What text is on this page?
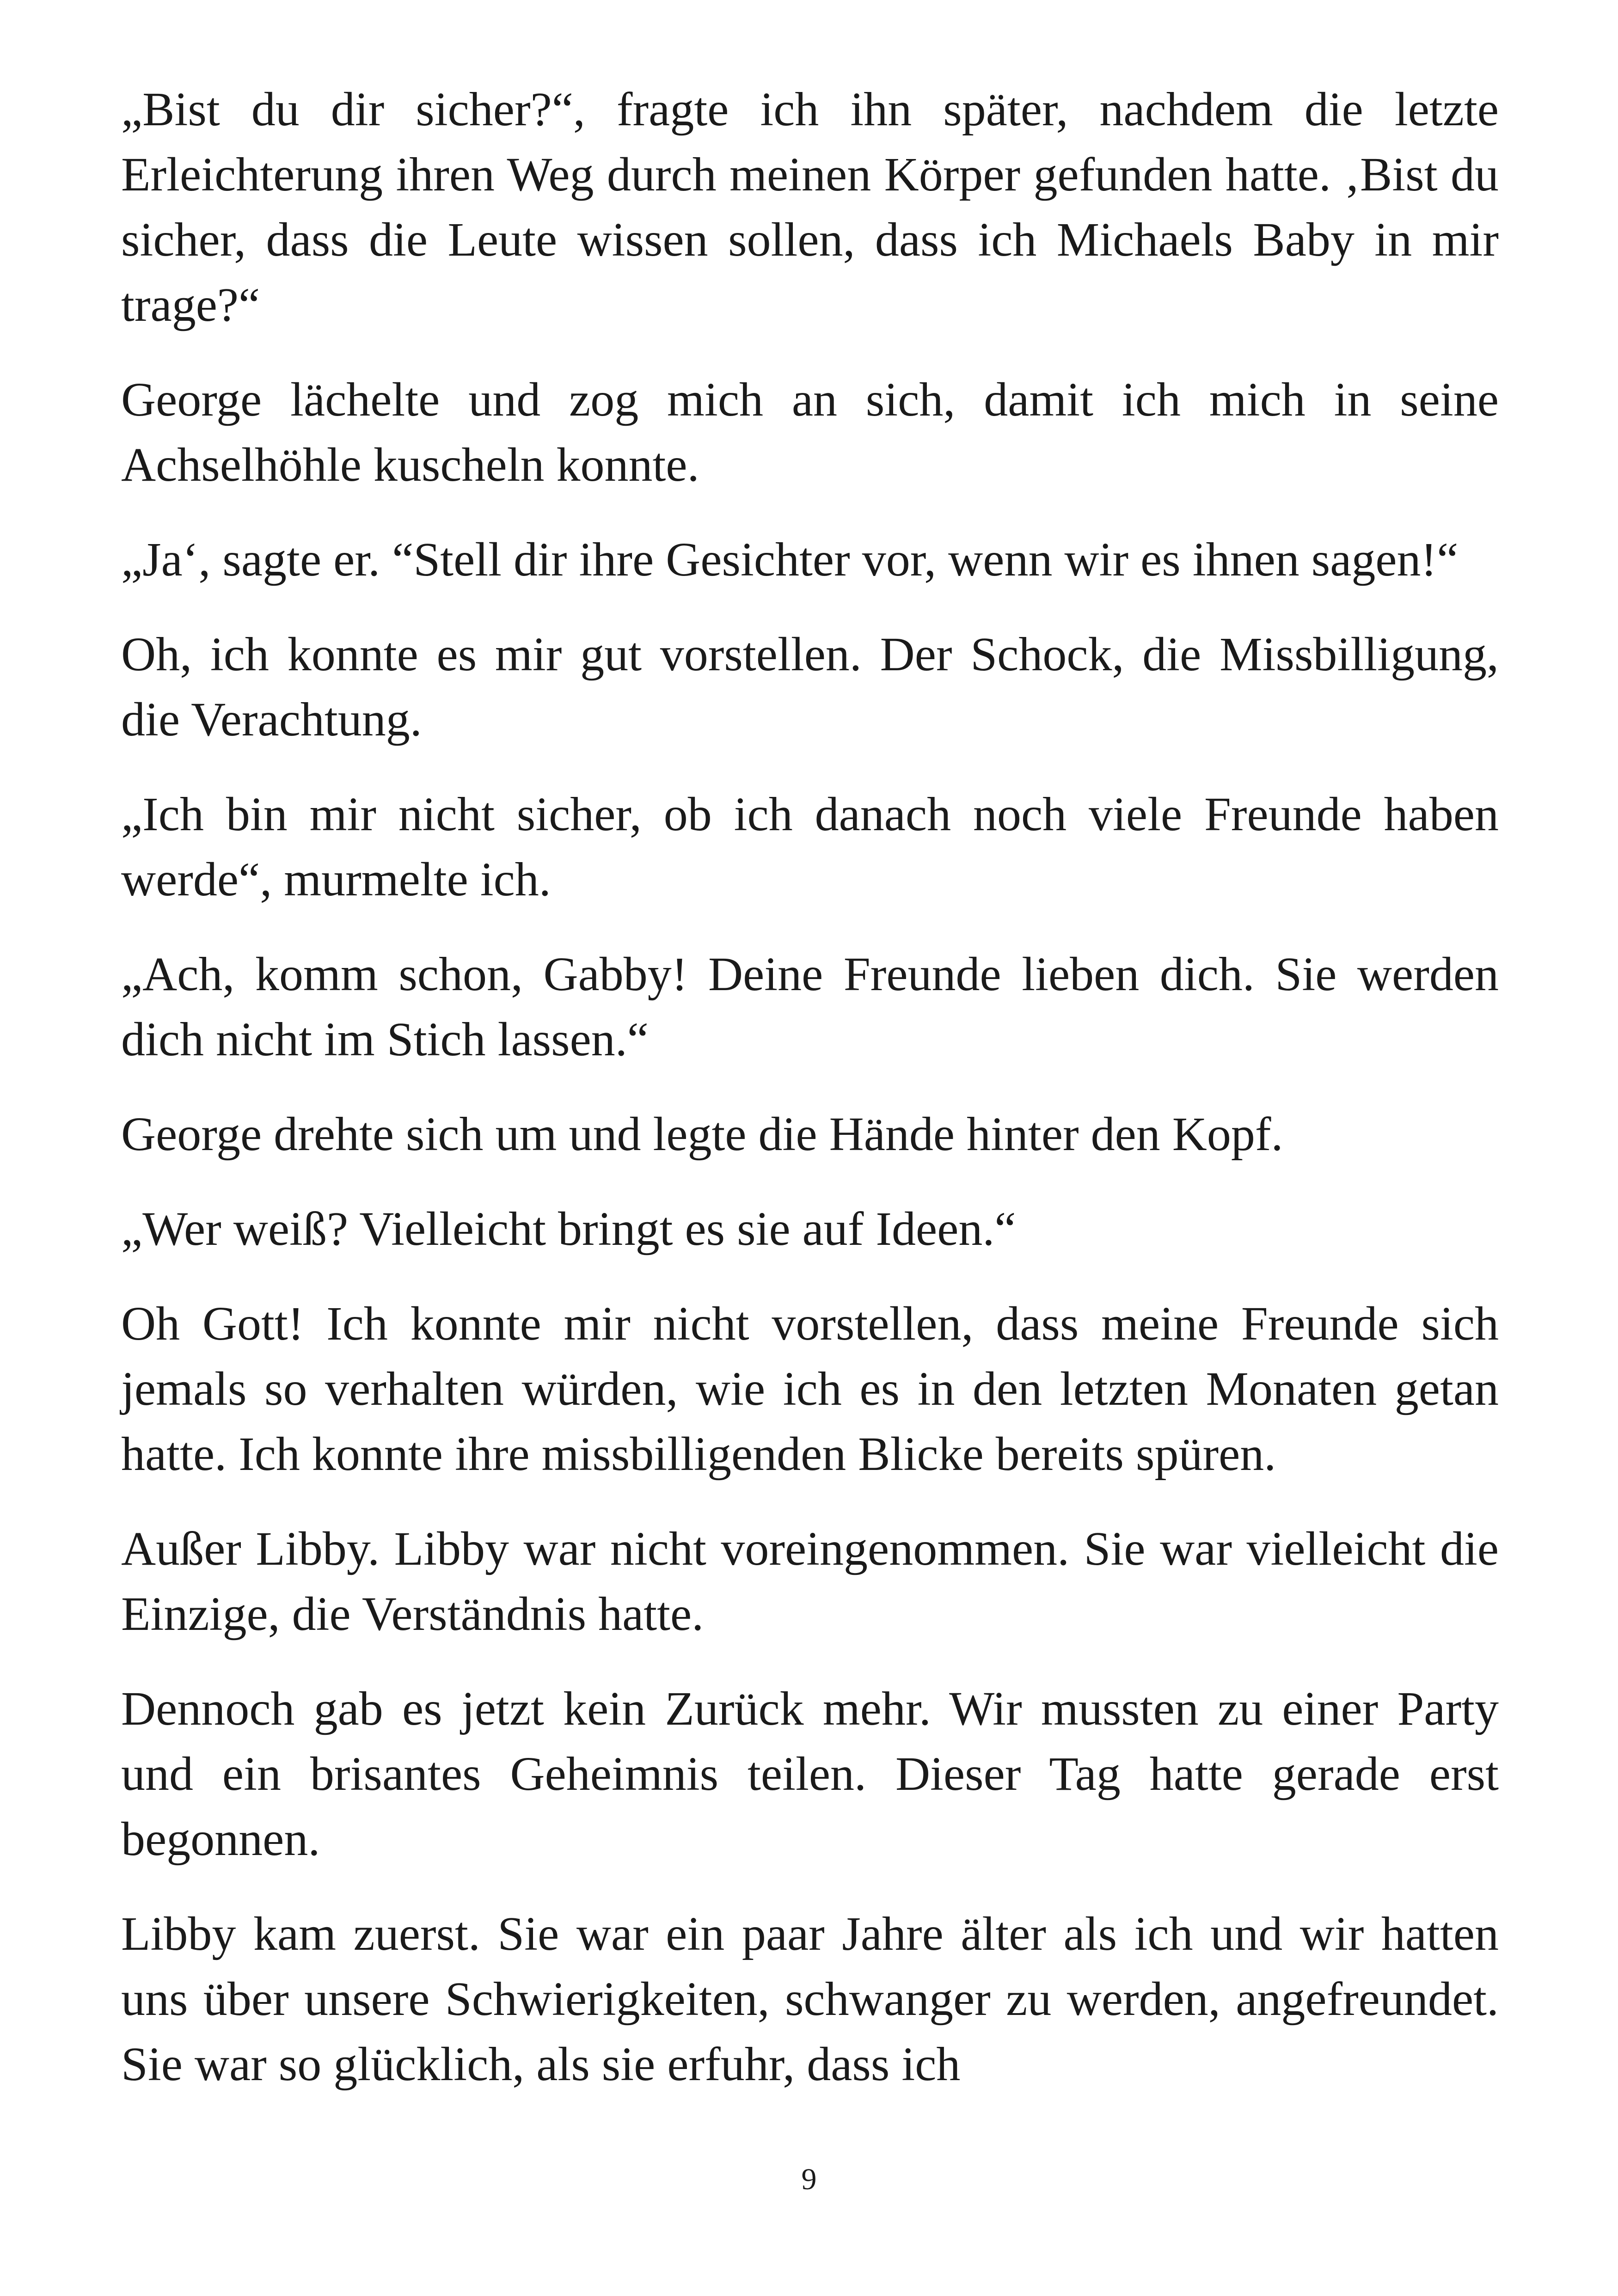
„Bist du dir sicher?“, fragte ich ihn später, nachdem die letzte Erleichterung ihren Weg durch meinen Körper gefunden hatte. ‚Bist du sicher, dass die Leute wissen sollen, dass ich Michaels Baby in mir trage?“

George lächelte und zog mich an sich, damit ich mich in seine Achselhöhle kuscheln konnte.

„Ja‘, sagte er. “Stell dir ihre Gesichter vor, wenn wir es ihnen sagen!“

Oh, ich konnte es mir gut vorstellen. Der Schock, die Missbilligung, die Verachtung.

„Ich bin mir nicht sicher, ob ich danach noch viele Freunde haben werde“, murmelte ich.

„Ach, komm schon, Gabby! Deine Freunde lieben dich. Sie werden dich nicht im Stich lassen.“

George drehte sich um und legte die Hände hinter den Kopf.

„Wer weiß? Vielleicht bringt es sie auf Ideen.“

Oh Gott! Ich konnte mir nicht vorstellen, dass meine Freunde sich jemals so verhalten würden, wie ich es in den letzten Monaten getan hatte. Ich konnte ihre missbilligenden Blicke bereits spüren.

Außer Libby. Libby war nicht voreingenommen. Sie war vielleicht die Einzige, die Verständnis hatte.

Dennoch gab es jetzt kein Zurück mehr. Wir mussten zu einer Party und ein brisantes Geheimnis teilen. Dieser Tag hatte gerade erst begonnen.

Libby kam zuerst. Sie war ein paar Jahre älter als ich und wir hatten uns über unsere Schwierigkeiten, schwanger zu werden, angefreundet. Sie war so glücklich, als sie erfuhr, dass ich

9
